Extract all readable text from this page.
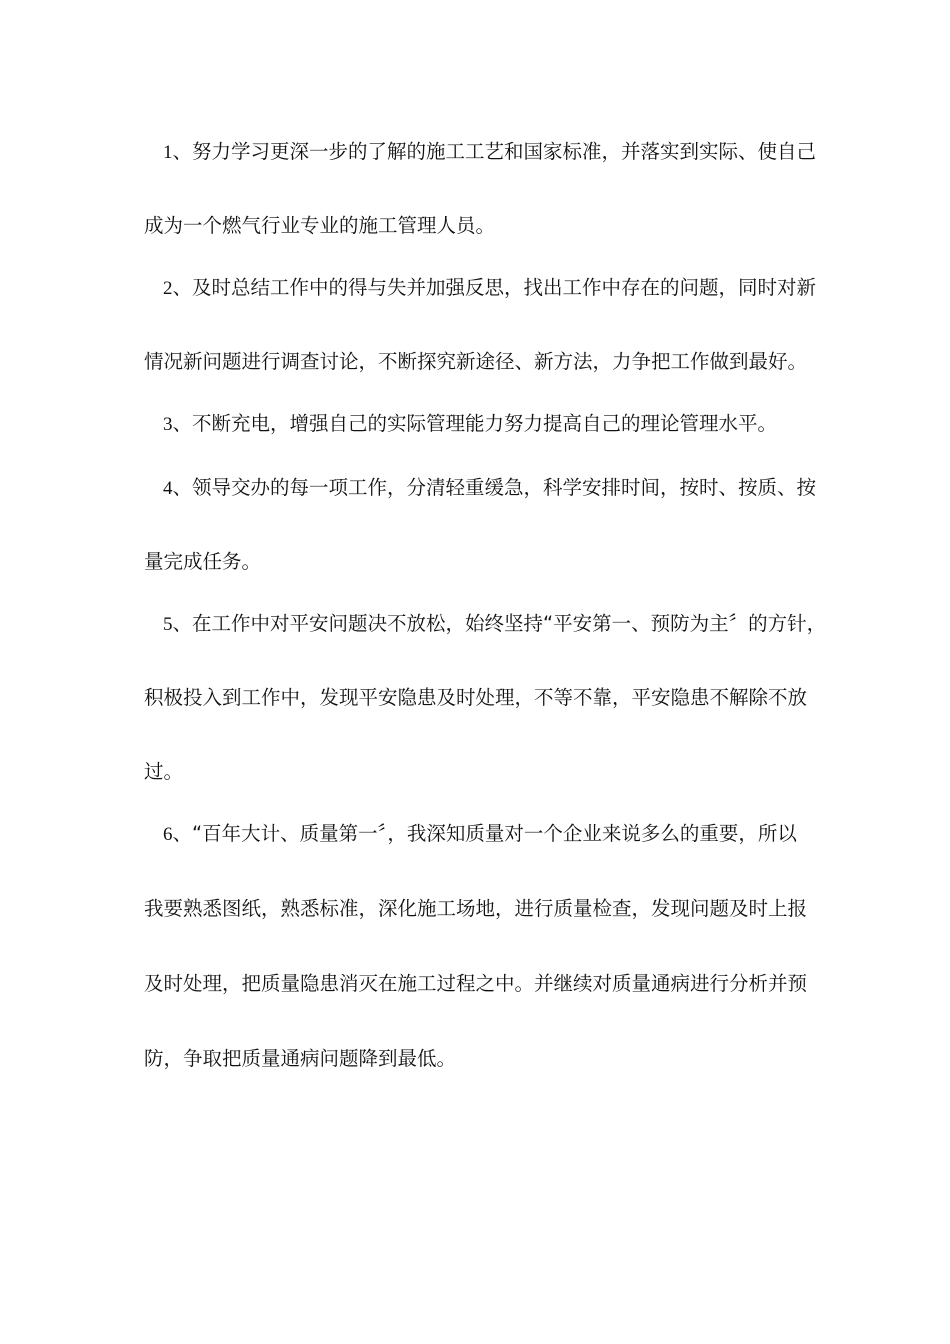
1、努力学习更深一步的了解的施工工艺和国家标准，并落实到实际、使自己
成为一个燃气行业专业的施工管理人员。
2、及时总结工作中的得与失并加强反思，找出工作中存在的问题，同时对新
情况新问题进行调查讨论，不断探究新途径、新方法，力争把工作做到最好。
3、不断充电，增强自己的实际管理能力努力提高自己的理论管理水平。
4、领导交办的每一项工作，分清轻重缓急，科学安排时间，按时、按质、按
量完成任务。
5、在工作中对平安问题决不放松，始终坚持“平安第一、预防为主〞的方针，
积极投入到工作中，发现平安隐患及时处理，不等不靠，平安隐患不解除不放
过。
6、“百年大计、质量第一〞，我深知质量对一个企业来说多么的重要，所以
我要熟悉图纸，熟悉标准，深化施工场地，进行质量检查，发现问题及时上报
及时处理，把质量隐患消灭在施工过程之中。并继续对质量通病进行分析并预
防，争取把质量通病问题降到最低。
